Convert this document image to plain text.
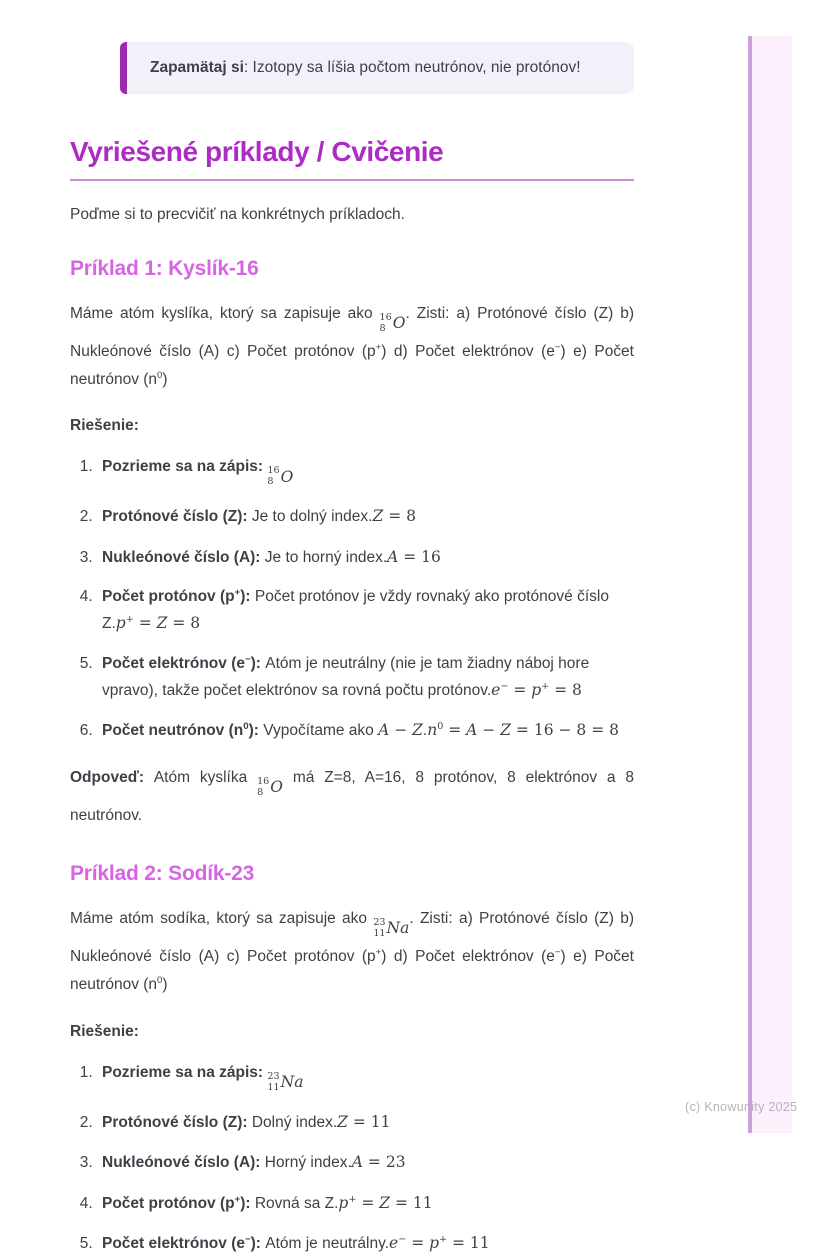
Zapamätaj si: Izotopy sa líšia počtom neutrónov, nie protónov!
Vyriešené príklady / Cvičenie

Poďme si to precvičiť na konkrétnych príkladoch.

Príklad 1: Kyslík-16

Máme atóm kyslíka, ktorý sa zapisuje ako 16
8 O
. Zisti: a) Protónové číslo (Z) b) Nukleónové číslo (A) c) Počet protónov (p+) d) Počet elektrónov (e−) e) Počet neutrónov $(n^0)$

Riešenie:

1. Pozrieme sa na zápis: 16
8 O
2. Protónové číslo (Z): Je to dolný index.Z = 8
3. Nukleónové číslo (A): Je to horný index.A = 16
4. Počet protónov (p+): Počet protónov je vždy rovnaký ako protónové číslo Z.p+ = Z = 8
5. Počet elektrónov (e−): Atóm je neutrálny (nie je tam žiadny náboj hore vpravo), takže počet elektrónov sa rovná počtu protónov.e− = p+ = 8
6. Počet neutrónov $(n^0)$: Vypočítame ako $A - Z.n^0 = A - Z = 16 - 8 = 8$

Odpoveď: Atóm kyslíka 16
8 O
má Z=8, A=16, 8 protónov, 8 elektrónov a 8 neutrónov.

Príklad 2: Sodík-23

Máme atóm sodíka, ktorý sa zapisuje ako 23
11 Na
. Zisti: a) Protónové číslo (Z) b) Nukleónové číslo (A) c) Počet protónov (p+) d) Počet elektrónov (e−) e) Počet neutrónov $(n^0)$

Riešenie:

1. Pozrieme sa na zápis: 23
11 Na
2. Protónové číslo (Z): Dolný index.Z = 11
3. Nukleónové číslo (A): Horný index.A = 23
4. Počet protónov (p+): Rovná sa Z.p+ = Z = 11
5. Počet elektrónov (e−): Atóm je neutrálny.e− = p+ = 11
(c) Knowunity 2025
